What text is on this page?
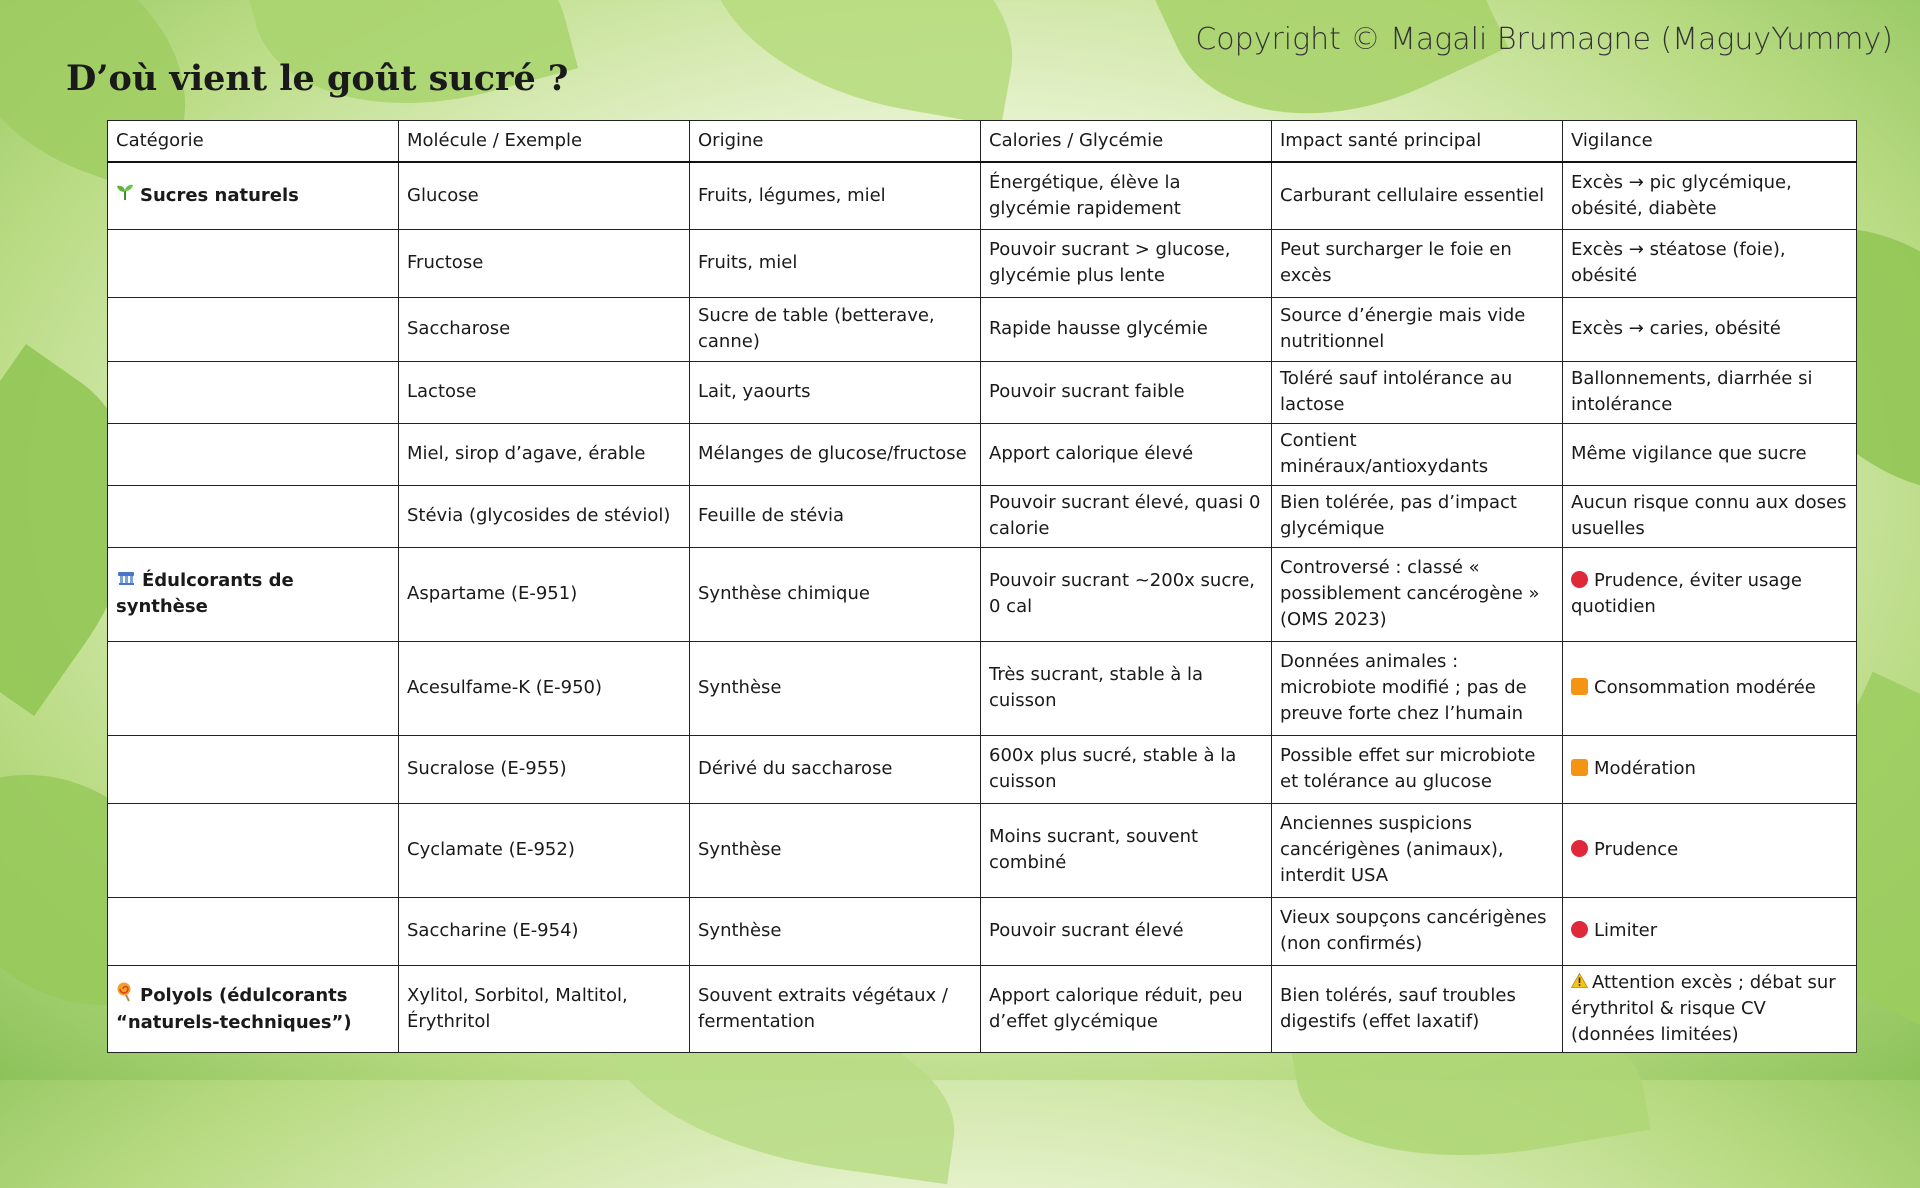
Copyright © Magali Brumagne (MaguyYummy)
D’où vient le goût sucré ?
Catégorie	Molécule / Exemple	Origine	Calories / Glycémie	Impact santé principal	Vigilance
Sucres naturels	Glucose	Fruits, légumes, miel	Énergétique, élève la glycémie rapidement	Carburant cellulaire essentiel	Excès → pic glycémique, obésité, diabète
	Fructose	Fruits, miel	Pouvoir sucrant > glucose, glycémie plus lente	Peut surcharger le foie en excès	Excès → stéatose (foie), obésité
	Saccharose	Sucre de table (betterave, canne)	Rapide hausse glycémie	Source d’énergie mais vide nutritionnel	Excès → caries, obésité
	Lactose	Lait, yaourts	Pouvoir sucrant faible	Toléré sauf intolérance au lactose	Ballonnements, diarrhée si intolérance
	Miel, sirop d’agave, érable	Mélanges de glucose/fructose	Apport calorique élevé	Contient minéraux/antioxydants	Même vigilance que sucre
	Stévia (glycosides de stéviol)	Feuille de stévia	Pouvoir sucrant élevé, quasi 0 calorie	Bien tolérée, pas d’impact glycémique	Aucun risque connu aux doses usuelles
Édulcorants de synthèse	Aspartame (E-951)	Synthèse chimique	Pouvoir sucrant ~200x sucre, 0 cal	Controversé : classé « possiblement cancérogène » (OMS 2023)	Prudence, éviter usage quotidien
	Acesulfame-K (E-950)	Synthèse	Très sucrant, stable à la cuisson	Données animales : microbiote modifié ; pas de preuve forte chez l’humain	Consommation modérée
	Sucralose (E-955)	Dérivé du saccharose	600x plus sucré, stable à la cuisson	Possible effet sur microbiote et tolérance au glucose	Modération
	Cyclamate (E-952)	Synthèse	Moins sucrant, souvent combiné	Anciennes suspicions cancérigènes (animaux), interdit USA	Prudence
	Saccharine (E-954)	Synthèse	Pouvoir sucrant élevé	Vieux soupçons cancérigènes (non confirmés)	Limiter
Polyols (édulcorants “naturels-techniques”)	Xylitol, Sorbitol, Maltitol, Érythritol	Souvent extraits végétaux / fermentation	Apport calorique réduit, peu d’effet glycémique	Bien tolérés, sauf troubles digestifs (effet laxatif)	Attention excès ; débat sur érythritol & risque CV (données limitées)
